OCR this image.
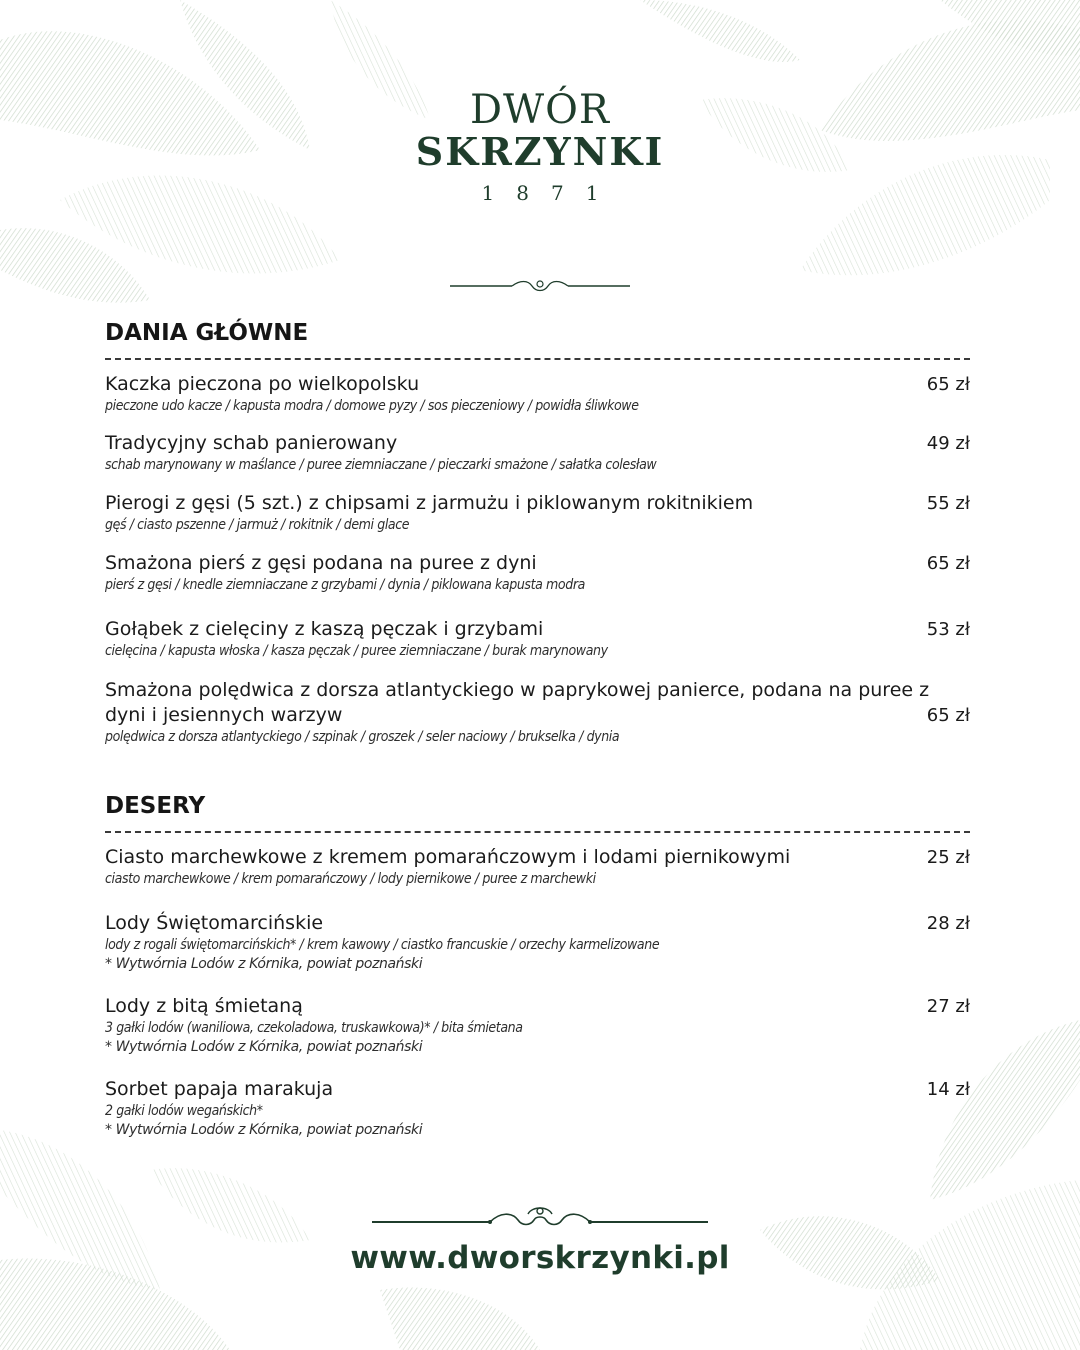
DWÓR
SKRZYNKI
1871
DANIA GŁÓWNE
65 zł
Kaczka pieczona po wielkopolsku
pieczone udo kacze / kapusta modra / domowe pyzy / sos pieczeniowy / powidła śliwkowe
49 zł
Tradycyjny schab panierowany
schab marynowany w maślance / puree ziemniaczane / pieczarki smażone / sałatka colesław
55 zł
Pierogi z gęsi (5 szt.) z chipsami z jarmużu i piklowanym rokitnikiem
gęś / ciasto pszenne / jarmuż / rokitnik / demi glace
65 zł
Smażona pierś z gęsi podana na puree z dyni
pierś z gęsi / knedle ziemniaczane z grzybami / dynia / piklowana kapusta modra
53 zł
Gołąbek z cielęciny z kaszą pęczak i grzybami
cielęcina / kapusta włoska / kasza pęczak / puree ziemniaczane / burak marynowany
65 zł
Smażona polędwica z dorsza atlantyckiego w paprykowej panierce, podana na puree z dyni i jesiennych warzyw
polędwica z dorsza atlantyckiego / szpinak / groszek / seler naciowy / brukselka / dynia
DESERY
25 zł
Ciasto marchewkowe z kremem pomarańczowym i lodami piernikowymi
ciasto marchewkowe / krem pomarańczowy / lody piernikowe / puree z marchewki
28 zł
Lody Świętomarcińskie
lody z rogali świętomarcińskich* / krem kawowy / ciastko francuskie / orzechy karmelizowane
* Wytwórnia Lodów z Kórnika, powiat poznański
27 zł
Lody z bitą śmietaną
3 gałki lodów (waniliowa, czekoladowa, truskawkowa)* / bita śmietana
* Wytwórnia Lodów z Kórnika, powiat poznański
14 zł
Sorbet papaja marakuja
2 gałki lodów wegańskich*
* Wytwórnia Lodów z Kórnika, powiat poznański
www.dworskrzynki.pl
